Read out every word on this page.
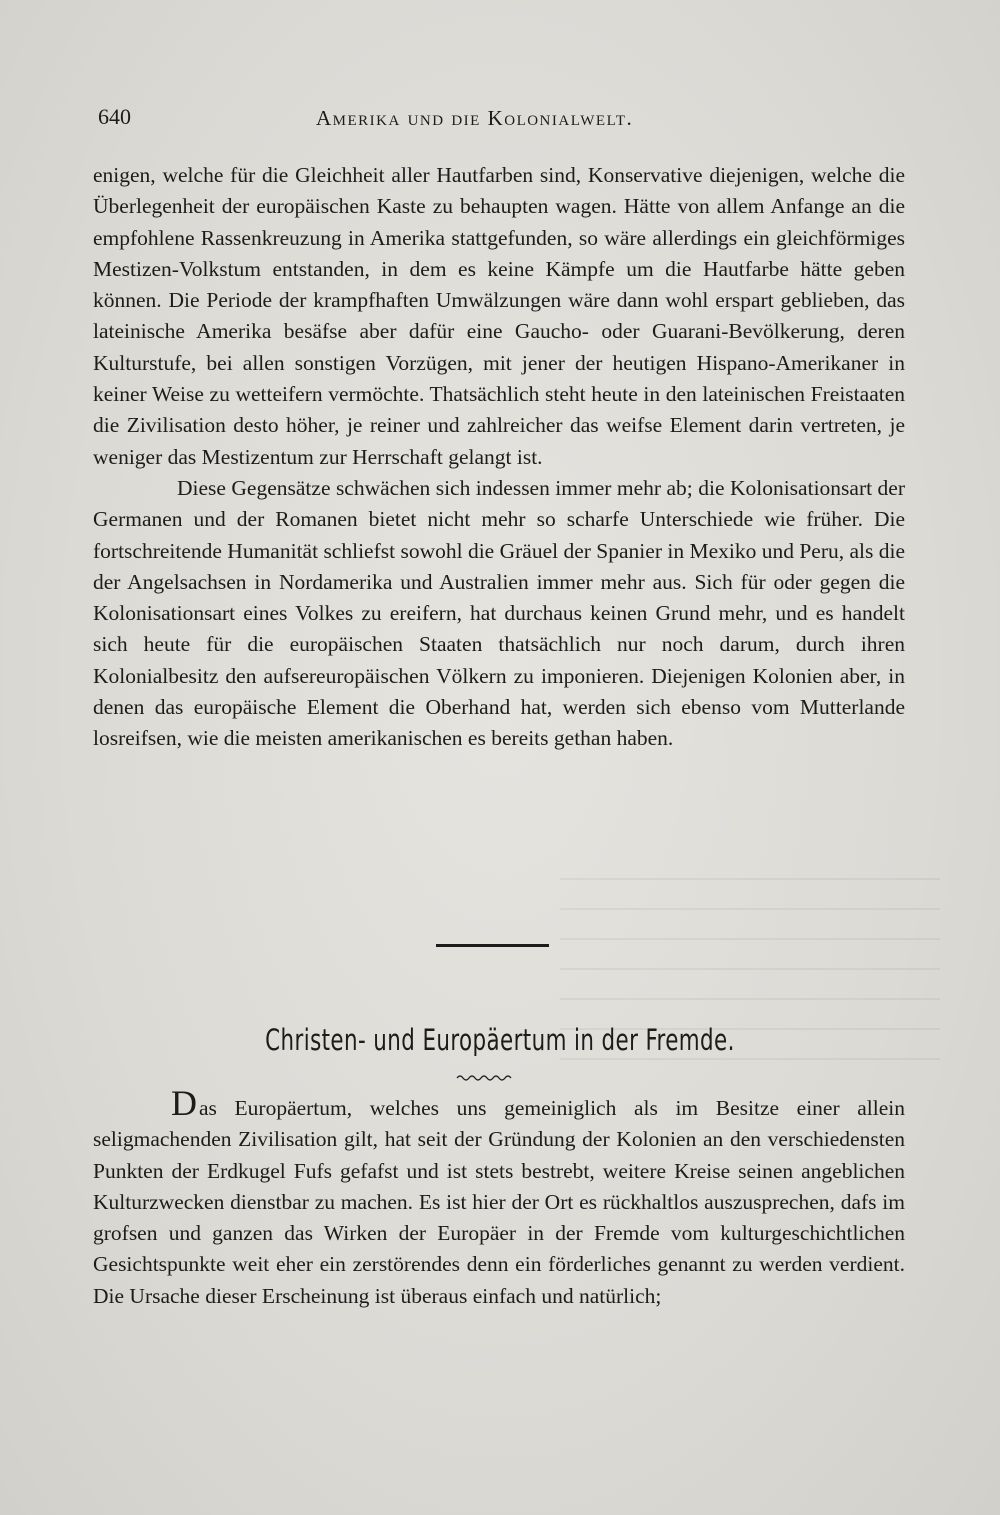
640	Amerika und die Kolonialwelt.

enigen, welche für die Gleichheit aller Hautfarben sind, Konservative diejenigen, welche die Überlegenheit der europäischen Kaste zu behaupten wagen. Hätte von allem Anfange an die empfohlene Rassenkreuzung in Amerika stattgefunden, so wäre allerdings ein gleichförmiges Mestizen-Volkstum entstanden, in dem es keine Kämpfe um die Hautfarbe hätte geben können. Die Periode der krampfhaften Umwälzungen wäre dann wohl erspart geblieben, das lateinische Amerika besäfse aber dafür eine Gaucho- oder Guarani-Bevölkerung, deren Kulturstufe, bei allen sonstigen Vorzügen, mit jener der heutigen Hispano-Amerikaner in keiner Weise zu wetteifern vermöchte. Thatsächlich steht heute in den lateinischen Freistaaten die Zivilisation desto höher, je reiner und zahlreicher das weifse Element darin vertreten, je weniger das Mestizentum zur Herrschaft gelangt ist.

Diese Gegensätze schwächen sich indessen immer mehr ab; die Kolonisationsart der Germanen und der Romanen bietet nicht mehr so scharfe Unterschiede wie früher. Die fortschreitende Humanität schliefst sowohl die Gräuel der Spanier in Mexiko und Peru, als die der Angelsachsen in Nordamerika und Australien immer mehr aus. Sich für oder gegen die Kolonisationsart eines Volkes zu ereifern, hat durchaus keinen Grund mehr, und es handelt sich heute für die europäischen Staaten thatsächlich nur noch darum, durch ihren Kolonialbesitz den aufsereuropäischen Völkern zu imponieren. Diejenigen Kolonien aber, in denen das europäische Element die Oberhand hat, werden sich ebenso vom Mutterlande losreifsen, wie die meisten amerikanischen es bereits gethan haben.

Christen- und Europäertum in der Fremde.

Das Europäertum, welches uns gemeiniglich als im Besitze einer allein seligmachenden Zivilisation gilt, hat seit der Gründung der Kolonien an den verschiedensten Punkten der Erdkugel Fufs gefafst und ist stets bestrebt, weitere Kreise seinen angeblichen Kulturzwecken dienstbar zu machen. Es ist hier der Ort es rückhaltlos auszusprechen, dafs im grofsen und ganzen das Wirken der Europäer in der Fremde vom kulturgeschichtlichen Gesichtspunkte weit eher ein zerstörendes denn ein förderliches genannt zu werden verdient. Die Ursache dieser Erscheinung ist überaus einfach und natürlich;
